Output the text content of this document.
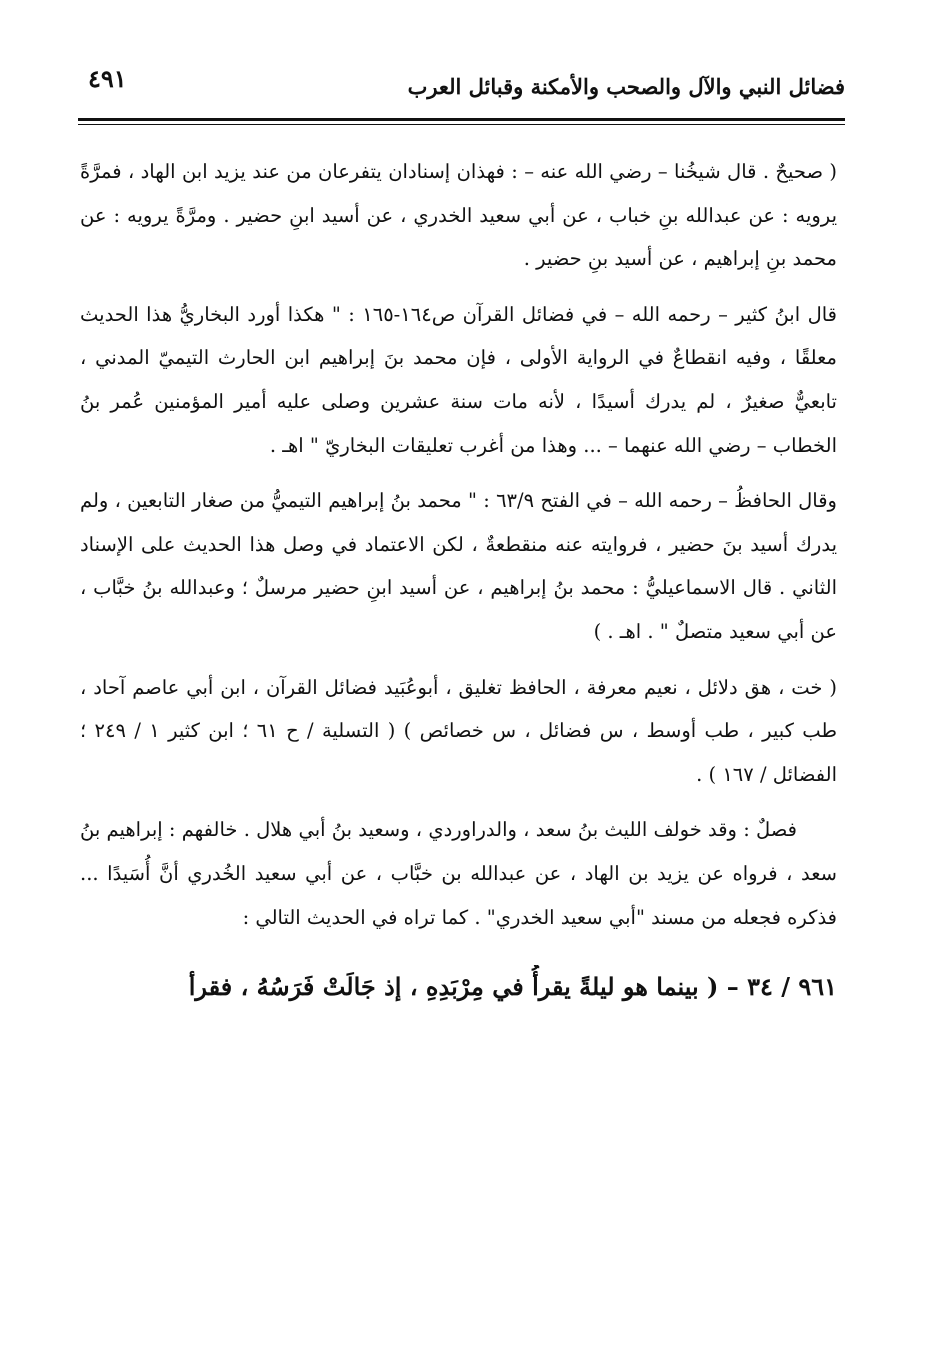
فضائل النبي والآل والصحب والأمكنة وقبائل العرب
٤٩١

( صحيحٌ . قال شيخُنا – رضي الله عنه – : فهذان إسنادان يتفرعان من عند يزيد ابن الهاد ، فمرَّةً يرويه : عن عبدالله بنِ خباب ، عن أبي سعيد الخدري ، عن أسيد ابنِ حضير . ومرَّةً يرويه : عن محمد بنِ إبراهيم ، عن أسيد بنِ حضير .

قال ابنُ كثير – رحمه الله – في فضائل القرآن ص١٦٤-١٦٥ : " هكذا أورد البخاريُّ هذا الحديث معلقًا ، وفيه انقطاعٌ في الرواية الأولى ، فإن محمد بنَ إبراهيم ابن الحارث التيميّ المدني ، تابعيٌّ صغيرٌ ، لم يدرك أسيدًا ، لأنه مات سنة عشرين وصلى عليه أمير المؤمنين عُمر بنُ الخطاب – رضي الله عنهما – ... وهذا من أغرب تعليقات البخاريّ " اهـ .

وقال الحافظُ – رحمه الله – في الفتح ٦٣/٩ : " محمد بنُ إبراهيم التيميُّ من صغار التابعين ، ولم يدرك أسيد بنَ حضير ، فروايته عنه منقطعةٌ ، لكن الاعتماد في وصل هذا الحديث على الإسناد الثاني . قال الاسماعيليُّ : محمد بنُ إبراهيم ، عن أسيد ابنِ حضير مرسلٌ ؛ وعبدالله بنُ خبَّاب ، عن أبي سعيد متصلٌ " . اهـ . )

( خت ، هق دلائل ، نعيم معرفة ، الحافظ تغليق ، أبوعُبَيد فضائل القرآن ، ابن أبي عاصم آحاد ، طب كبير ، طب أوسط ، س فضائل ، س خصائص ) ( التسلية / ح ٦١ ؛ ابن كثير ١ / ٢٤٩ ؛ الفضائل / ١٦٧ ) .

فصلٌ : وقد خولف الليث بنُ سعد ، والدراوردي ، وسعيد بنُ أبي هلال . خالفهم : إبراهيم بنُ سعد ، فرواه عن يزيد بن الهاد ، عن عبدالله بن خبَّاب ، عن أبي سعيد الخُدري أنَّ أُسَيدًا ... فذكره فجعله من مسند "أبي سعيد الخدري" . كما تراه في الحديث التالي :

٩٦١ / ٣٤ – ( بينما هو ليلةً يقرأُ في مِرْبَدِهِ ، إذ جَالَتْ فَرَسُهُ ، فقرأ
